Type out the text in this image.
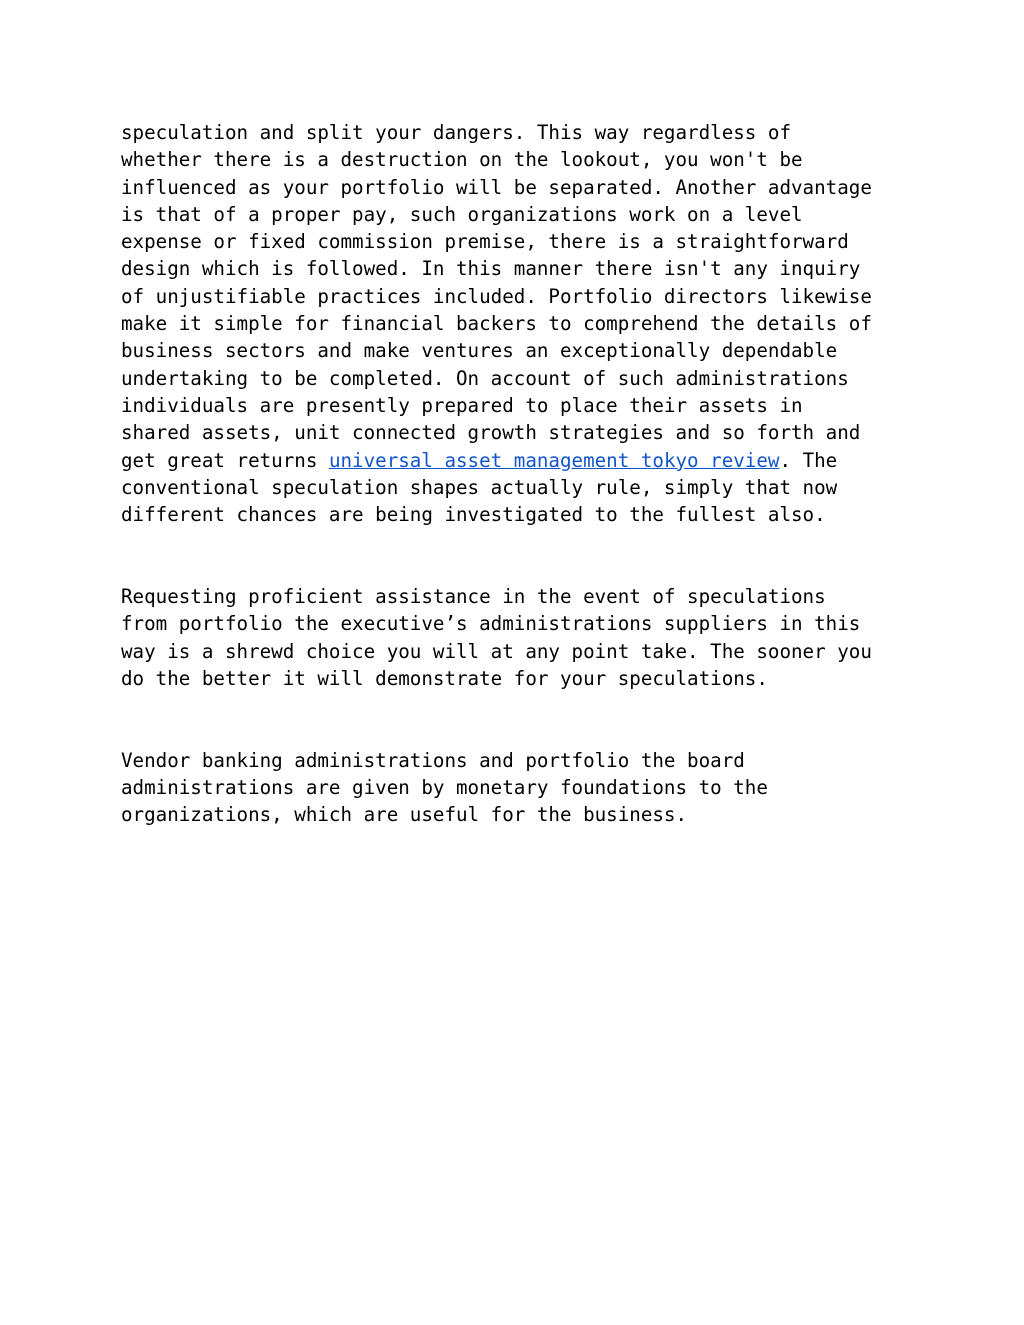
speculation and split your dangers. This way regardless of
whether there is a destruction on the lookout, you won't be
influenced as your portfolio will be separated. Another advantage
is that of a proper pay, such organizations work on a level
expense or fixed commission premise, there is a straightforward
design which is followed. In this manner there isn't any inquiry
of unjustifiable practices included. Portfolio directors likewise
make it simple for financial backers to comprehend the details of
business sectors and make ventures an exceptionally dependable
undertaking to be completed. On account of such administrations
individuals are presently prepared to place their assets in
shared assets, unit connected growth strategies and so forth and
get great returns universal asset management tokyo review. The
conventional speculation shapes actually rule, simply that now
different chances are being investigated to the fullest also.

Requesting proficient assistance in the event of speculations
from portfolio the executive’s administrations suppliers in this
way is a shrewd choice you will at any point take. The sooner you
do the better it will demonstrate for your speculations.

Vendor banking administrations and portfolio the board
administrations are given by monetary foundations to the
organizations, which are useful for the business.
